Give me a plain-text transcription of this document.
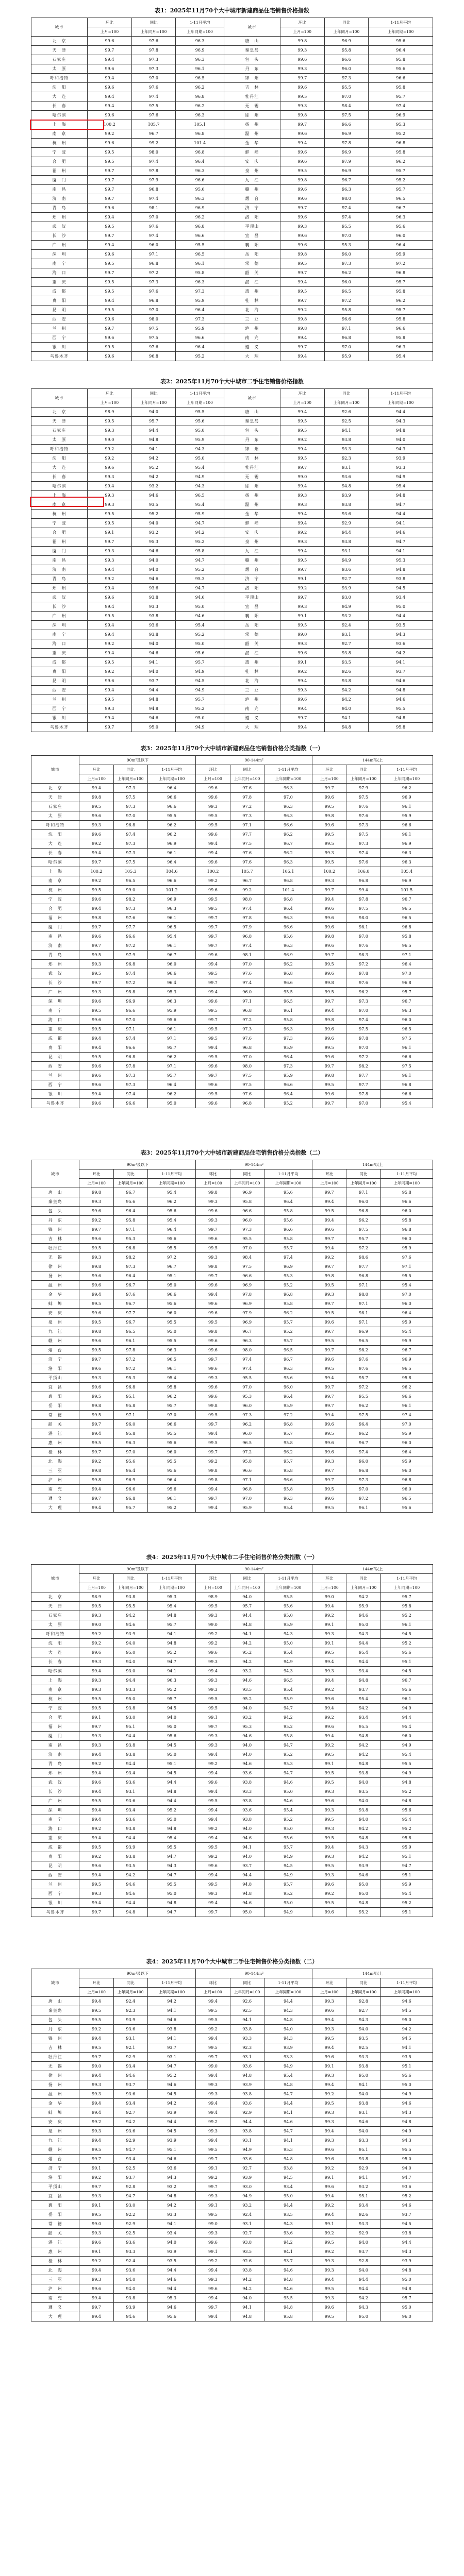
表1：2025年11月70个大中城市新建商品住宅销售价格指数
城市	环比	同比	1-11月平均	城市	环比	同比	1-11月平均
	上月=100	上年同月=100	上年同期=100		上月=100	上年同月=100	上年同期=100
北　京	99.6	97.6	96.3	唐　山	99.8	96.9	95.6
天　津	99.7	97.8	96.9	秦皇岛	99.3	95.8	96.4
石家庄	99.4	97.3	96.3	包　头	99.6	96.6	95.8
太　原	99.6	97.3	96.1	丹　东	99.3	96.0	95.6
呼和浩特	99.4	97.0	96.5	锦　州	99.7	97.3	96.6
沈　阳	99.6	97.6	96.2	吉　林	99.6	95.5	95.8
大　连	99.4	97.4	96.8	牡丹江	99.5	97.0	95.7
长　春	99.4	97.5	96.2	无　锡	99.3	98.4	97.4
哈尔滨	99.6	97.6	96.3	徐　州	99.8	97.5	96.9
上　海	100.2	105.7	105.1	扬　州	99.7	96.6	95.3
南　京	99.2	96.7	96.8	温　州	99.6	96.9	95.2
杭　州	99.6	99.2	101.4	金　华	99.4	97.8	96.8
宁　波	99.5	98.0	96.8	蚌　埠	99.6	96.9	95.8
合　肥	99.5	97.4	96.4	安　庆	99.6	97.9	96.2
福　州	99.7	97.8	96.3	泉　州	99.5	96.9	95.7
厦　门	99.7	97.9	96.6	九　江	99.8	96.7	95.2
南　昌	99.7	96.8	95.6	赣　州	99.6	96.3	95.7
济　南	99.7	97.4	96.3	烟　台	99.6	98.0	96.5
青　岛	99.6	98.1	96.9	济　宁	99.7	97.4	96.7
郑　州	99.4	97.0	96.2	洛　阳	99.6	97.4	96.3
武　汉	99.5	97.6	96.8	平顶山	99.3	95.5	95.6
长　沙	99.7	97.4	96.6	宜　昌	99.6	97.0	96.0
广　州	99.4	96.0	95.5	襄　阳	99.6	95.3	96.4
深　圳	99.6	97.1	96.5	岳　阳	99.8	96.0	95.9
南　宁	99.5	96.8	96.1	常　德	99.5	97.3	97.2
海　口	99.7	97.2	95.8	韶　关	99.7	96.2	96.8
重　庆	99.5	97.3	96.3	湛　江	99.4	96.0	95.7
成　都	99.5	97.6	97.3	惠　州	99.5	96.5	95.8
贵　阳	99.4	96.8	95.9	桂　林	99.7	97.2	96.2
昆　明	99.5	97.0	96.4	北　海	99.2	95.8	95.7
西　安	99.6	98.0	97.3	三　亚	99.8	96.6	95.8
兰　州	99.7	97.5	95.9	泸　州	99.8	97.1	96.6
西　宁	99.6	97.5	96.6	南　充	99.4	96.8	95.8
银　川	99.5	97.6	96.4	遵　义	99.7	97.0	96.3
乌鲁木齐	99.6	96.8	95.2	大　理	99.4	95.9	95.4
表2：2025年11月70个大中城市二手住宅销售价格指数
城市	环比	同比	1-11月平均	城市	环比	同比	1-11月平均
	上月=100	上年同月=100	上年同期=100		上月=100	上年同月=100	上年同期=100
北　京	98.9	94.0	95.5	唐　山	99.4	92.6	94.4
天　津	99.5	95.7	95.6	秦皇岛	99.5	92.5	94.3
石家庄	99.3	94.4	95.0	包　头	99.5	94.1	94.8
太　原	99.0	94.8	95.9	丹　东	99.2	93.8	94.0
呼和浩特	99.2	94.1	94.3	锦　州	99.4	93.3	94.3
沈　阳	99.2	94.2	95.0	吉　林	99.5	92.3	93.9
大　连	99.6	95.2	95.4	牡丹江	99.7	93.1	93.3
长　春	99.3	94.2	94.9	无　锡	99.0	93.6	94.9
哈尔滨	99.4	93.2	94.3	徐　州	99.4	94.8	95.4
上　海	99.3	94.6	96.5	扬　州	99.3	93.9	94.8
南　京	99.3	93.5	95.4	温　州	99.3	93.8	94.7
杭　州	99.5	95.2	95.9	金　华	99.4	93.6	94.4
宁　波	99.5	94.0	94.7	蚌　埠	99.4	92.9	94.1
合　肥	99.1	93.2	94.2	安　庆	99.2	94.4	94.6
福　州	99.7	95.3	95.2	泉　州	99.3	93.8	94.7
厦　门	99.3	94.6	95.8	九　江	99.4	93.1	94.1
南　昌	99.3	94.0	94.7	赣　州	99.5	94.9	95.3
济　南	99.4	94.0	95.2	烟　台	99.7	93.6	94.8
青　岛	99.2	94.6	95.3	济　宁	99.1	92.7	93.8
郑　州	99.4	93.6	94.7	洛　阳	99.2	93.9	94.5
武　汉	99.6	93.8	94.6	平顶山	99.7	93.0	93.4
长　沙	99.4	93.3	95.0	宜　昌	99.3	94.9	95.0
广　州	99.5	93.8	94.6	襄　阳	99.1	93.2	94.4
深　圳	99.4	93.6	95.4	岳　阳	99.5	92.4	93.5
南　宁	99.4	93.8	95.2	常　德	99.0	93.1	94.3
海　口	99.2	94.0	95.0	韶　关	99.3	92.7	93.6
重　庆	99.4	94.6	95.6	湛　江	99.6	93.8	94.2
成　都	99.5	94.1	95.7	惠　州	99.1	93.5	94.1
贵　阳	99.2	94.0	94.9	桂　林	99.2	92.6	93.7
昆　明	99.6	93.7	94.5	北　海	99.4	93.8	94.6
西　安	99.4	94.4	94.9	三　亚	99.3	94.2	94.8
兰　州	99.5	94.8	95.7	泸　州	99.6	94.2	94.6
西　宁	99.3	94.8	95.2	南　充	99.4	94.0	95.5
银　川	99.4	94.6	95.0	遵　义	99.7	94.1	94.8
乌鲁木齐	99.7	95.0	94.9	大　理	99.4	94.8	95.8
表3：2025年11月70个大中城市新建商品住宅销售价格分类指数（一）
城市	90m²及以下			90-144m²			144m²以上		
	环比	同比	1-11月平均	环比	同比	1-11月平均	环比	同比	1-11月平均
	上月=100	上年同月=100	上年同期=100	上月=100	上年同月=100	上年同期=100	上月=100	上年同月=100	上年同期=100
北　京	99.4	97.3	96.4	99.6	97.6	96.3	99.7	97.9	96.2
天　津	99.8	97.5	96.6	99.6	97.8	97.0	99.6	97.5	96.9
石家庄	99.5	97.3	96.6	99.3	97.2	96.3	99.5	97.6	96.1
太　原	99.6	97.0	95.5	99.5	97.3	96.3	99.8	97.6	95.9
呼和浩特	99.3	96.8	96.2	99.5	97.1	96.6	99.6	97.3	96.6
沈　阳	99.6	97.4	96.2	99.6	97.7	96.2	99.5	97.5	96.1
大　连	99.2	97.3	96.9	99.4	97.5	96.7	99.5	97.3	96.9
长　春	99.4	97.3	96.1	99.4	97.6	96.2	99.3	97.4	96.3
哈尔滨	99.7	97.5	96.4	99.6	97.6	96.3	99.5	97.6	96.3
上　海	100.2	105.3	104.6	100.2	105.7	105.1	100.2	106.0	105.4
南　京	99.2	96.5	96.6	99.2	96.7	96.8	99.3	96.8	96.9
杭　州	99.5	99.0	101.2	99.6	99.2	101.4	99.7	99.4	101.5
宁　波	99.6	98.2	96.9	99.5	98.0	96.8	99.4	97.8	96.7
合　肥	99.4	97.3	96.3	99.5	97.4	96.4	99.6	97.5	96.5
福　州	99.8	97.6	96.1	99.7	97.8	96.3	99.6	98.0	96.5
厦　门	99.7	97.7	96.5	99.7	97.9	96.6	99.6	98.1	96.8
南　昌	99.6	96.6	95.4	99.7	96.8	95.6	99.8	97.0	95.8
济　南	99.7	97.2	96.1	99.7	97.4	96.3	99.6	97.6	96.5
青　岛	99.5	97.9	96.7	99.6	98.1	96.9	99.7	98.3	97.1
郑　州	99.3	96.8	96.0	99.4	97.0	96.2	99.5	97.2	96.4
武　汉	99.5	97.4	96.6	99.5	97.6	96.8	99.6	97.8	97.0
长　沙	99.7	97.2	96.4	99.7	97.4	96.6	99.8	97.6	96.8
广　州	99.3	95.8	95.3	99.4	96.0	95.5	99.5	96.2	95.7
深　圳	99.6	96.9	96.3	99.6	97.1	96.5	99.7	97.3	96.7
南　宁	99.5	96.6	95.9	99.5	96.8	96.1	99.4	97.0	96.3
海　口	99.6	97.0	95.6	99.7	97.2	95.8	99.8	97.4	96.0
重　庆	99.5	97.1	96.1	99.5	97.3	96.3	99.6	97.5	96.5
成　都	99.4	97.4	97.1	99.5	97.6	97.3	99.6	97.8	97.5
贵　阳	99.4	96.6	95.7	99.4	96.8	95.9	99.5	97.0	96.1
昆　明	99.5	96.8	96.2	99.5	97.0	96.4	99.6	97.2	96.6
西　安	99.6	97.8	97.1	99.6	98.0	97.3	99.7	98.2	97.5
兰　州	99.6	97.3	95.7	99.7	97.5	95.9	99.8	97.7	96.1
西　宁	99.6	97.3	96.4	99.6	97.5	96.6	99.5	97.7	96.8
银　川	99.4	97.4	96.2	99.5	97.6	96.4	99.6	97.8	96.6
乌鲁木齐	99.6	96.6	95.0	99.6	96.8	95.2	99.7	97.0	95.4
表3：2025年11月70个大中城市新建商品住宅销售价格分类指数（二）
城市	90m²及以下			90-144m²			144m²以上		
	环比	同比	1-11月平均	环比	同比	1-11月平均	环比	同比	1-11月平均
	上月=100	上年同月=100	上年同期=100	上月=100	上年同月=100	上年同期=100	上月=100	上年同月=100	上年同期=100
唐　山	99.8	96.7	95.4	99.8	96.9	95.6	99.7	97.1	95.8
秦皇岛	99.3	95.6	96.2	99.3	95.8	96.4	99.4	96.0	96.6
包　头	99.6	96.4	95.6	99.6	96.6	95.8	99.5	96.8	96.0
丹　东	99.2	95.8	95.4	99.3	96.0	95.6	99.4	96.2	95.8
锦　州	99.7	97.1	96.4	99.7	97.3	96.6	99.6	97.5	96.8
吉　林	99.6	95.3	95.6	99.6	95.5	95.8	99.7	95.7	96.0
牡丹江	99.5	96.8	95.5	99.5	97.0	95.7	99.4	97.2	95.9
无　锡	99.3	98.2	97.2	99.3	98.4	97.4	99.2	98.6	97.6
徐　州	99.8	97.3	96.7	99.8	97.5	96.9	99.7	97.7	97.1
扬　州	99.6	96.4	95.1	99.7	96.6	95.3	99.8	96.8	95.5
温　州	99.6	96.7	95.0	99.6	96.9	95.2	99.5	97.1	95.4
金　华	99.4	97.6	96.6	99.4	97.8	96.8	99.3	98.0	97.0
蚌　埠	99.5	96.7	95.6	99.6	96.9	95.8	99.7	97.1	96.0
安　庆	99.6	97.7	96.0	99.6	97.9	96.2	99.5	98.1	96.4
泉　州	99.5	96.7	95.5	99.5	96.9	95.7	99.6	97.1	95.9
九　江	99.8	96.5	95.0	99.8	96.7	95.2	99.7	96.9	95.4
赣　州	99.6	96.1	95.5	99.6	96.3	95.7	99.5	96.5	95.9
烟　台	99.5	97.8	96.3	99.6	98.0	96.5	99.7	98.2	96.7
济　宁	99.7	97.2	96.5	99.7	97.4	96.7	99.6	97.6	96.9
洛　阳	99.6	97.2	96.1	99.6	97.4	96.3	99.5	97.6	96.5
平顶山	99.3	95.3	95.4	99.3	95.5	95.6	99.4	95.7	95.8
宜　昌	99.6	96.8	95.8	99.6	97.0	96.0	99.7	97.2	96.2
襄　阳	99.5	95.1	96.2	99.6	95.3	96.4	99.7	95.5	96.6
岳　阳	99.8	95.8	95.7	99.8	96.0	95.9	99.7	96.2	96.1
常　德	99.5	97.1	97.0	99.5	97.3	97.2	99.4	97.5	97.4
韶　关	99.7	96.0	96.6	99.7	96.2	96.8	99.6	96.4	97.0
湛　江	99.4	95.8	95.5	99.4	96.0	95.7	99.5	96.2	95.9
惠　州	99.5	96.3	95.6	99.5	96.5	95.8	99.6	96.7	96.0
桂　林	99.7	97.0	96.0	99.7	97.2	96.2	99.6	97.4	96.4
北　海	99.2	95.6	95.5	99.2	95.8	95.7	99.3	96.0	95.9
三　亚	99.8	96.4	95.6	99.8	96.6	95.8	99.7	96.8	96.0
泸　州	99.8	96.9	96.4	99.8	97.1	96.6	99.7	97.3	96.8
南　充	99.4	96.6	95.6	99.4	96.8	95.8	99.5	97.0	96.0
遵　义	99.7	96.8	96.1	99.7	97.0	96.3	99.6	97.2	96.5
大　理	99.4	95.7	95.2	99.4	95.9	95.4	99.5	96.1	95.6
表4：2025年11月70个大中城市二手住宅销售价格分类指数（一）
城市	90m²及以下			90-144m²			144m²以上		
	环比	同比	1-11月平均	环比	同比	1-11月平均	环比	同比	1-11月平均
	上月=100	上年同月=100	上年同期=100	上月=100	上年同月=100	上年同期=100	上月=100	上年同月=100	上年同期=100
北　京	98.9	93.8	95.3	98.9	94.0	95.5	99.0	94.2	95.7
天　津	99.5	95.5	95.4	99.5	95.7	95.6	99.4	95.9	95.8
石家庄	99.3	94.2	94.8	99.3	94.4	95.0	99.2	94.6	95.2
太　原	99.0	94.6	95.7	99.0	94.8	95.9	99.1	95.0	96.1
呼和浩特	99.2	93.9	94.1	99.2	94.1	94.3	99.3	94.3	94.5
沈　阳	99.2	94.0	94.8	99.2	94.2	95.0	99.1	94.4	95.2
大　连	99.6	95.0	95.2	99.6	95.2	95.4	99.5	95.4	95.6
长　春	99.3	94.0	94.7	99.3	94.2	94.9	99.4	94.4	95.1
哈尔滨	99.4	93.0	94.1	99.4	93.2	94.3	99.3	93.4	94.5
上　海	99.3	94.4	96.3	99.3	94.6	96.5	99.4	94.8	96.7
南　京	99.3	93.3	95.2	99.3	93.5	95.4	99.2	93.7	95.6
杭　州	99.5	95.0	95.7	99.5	95.2	95.9	99.6	95.4	96.1
宁　波	99.5	93.8	94.5	99.5	94.0	94.7	99.4	94.2	94.9
合　肥	99.1	93.0	94.0	99.1	93.2	94.2	99.2	93.4	94.4
福　州	99.7	95.1	95.0	99.7	95.3	95.2	99.6	95.5	95.4
厦　门	99.3	94.4	95.6	99.3	94.6	95.8	99.4	94.8	96.0
南　昌	99.3	93.8	94.5	99.3	94.0	94.7	99.2	94.2	94.9
济　南	99.4	93.8	95.0	99.4	94.0	95.2	99.5	94.2	95.4
青　岛	99.2	94.4	95.1	99.2	94.6	95.3	99.1	94.8	95.5
郑　州	99.4	93.4	94.5	99.4	93.6	94.7	99.5	93.8	94.9
武　汉	99.6	93.6	94.4	99.6	93.8	94.6	99.5	94.0	94.8
长　沙	99.4	93.1	94.8	99.4	93.3	95.0	99.3	93.5	95.2
广　州	99.5	93.6	94.4	99.5	93.8	94.6	99.6	94.0	94.8
深　圳	99.4	93.4	95.2	99.4	93.6	95.4	99.3	93.8	95.6
南　宁	99.4	93.6	95.0	99.4	93.8	95.2	99.5	94.0	95.4
海　口	99.2	93.8	94.8	99.2	94.0	95.0	99.3	94.2	95.2
重　庆	99.4	94.4	95.4	99.4	94.6	95.6	99.5	94.8	95.8
成　都	99.5	93.9	95.5	99.5	94.1	95.7	99.4	94.3	95.9
贵　阳	99.2	93.8	94.7	99.2	94.0	94.9	99.3	94.2	95.1
昆　明	99.6	93.5	94.3	99.6	93.7	94.5	99.5	93.9	94.7
西　安	99.4	94.2	94.7	99.4	94.4	94.9	99.3	94.6	95.1
兰　州	99.5	94.6	95.5	99.5	94.8	95.7	99.6	95.0	95.9
西　宁	99.3	94.6	95.0	99.3	94.8	95.2	99.2	95.0	95.4
银　川	99.4	94.4	94.8	99.4	94.6	95.0	99.5	94.8	95.2
乌鲁木齐	99.7	94.8	94.7	99.7	95.0	94.9	99.6	95.2	95.1
表4：2025年11月70个大中城市二手住宅销售价格分类指数（二）
城市	90m²及以下			90-144m²			144m²以上		
	环比	同比	1-11月平均	环比	同比	1-11月平均	环比	同比	1-11月平均
	上月=100	上年同月=100	上年同期=100	上月=100	上年同月=100	上年同期=100	上月=100	上年同月=100	上年同期=100
唐　山	99.4	92.4	94.2	99.4	92.6	94.4	99.3	92.8	94.6
秦皇岛	99.5	92.3	94.1	99.5	92.5	94.3	99.6	92.7	94.5
包　头	99.5	93.9	94.6	99.5	94.1	94.8	99.4	94.3	95.0
丹　东	99.2	93.6	93.8	99.2	93.8	94.0	99.3	94.0	94.2
锦　州	99.4	93.1	94.1	99.4	93.3	94.3	99.5	93.5	94.5
吉　林	99.5	92.1	93.7	99.5	92.3	93.9	99.4	92.5	94.1
牡丹江	99.7	92.9	93.1	99.7	93.1	93.3	99.6	93.3	93.5
无　锡	99.0	93.4	94.7	99.0	93.6	94.9	99.1	93.8	95.1
徐　州	99.4	94.6	95.2	99.4	94.8	95.4	99.3	95.0	95.6
扬　州	99.3	93.7	94.6	99.3	93.9	94.8	99.4	94.1	95.0
温　州	99.3	93.6	94.5	99.3	93.8	94.7	99.2	94.0	94.9
金　华	99.4	93.4	94.2	99.4	93.6	94.4	99.5	93.8	94.6
蚌　埠	99.4	92.7	93.9	99.4	92.9	94.1	99.3	93.1	94.3
安　庆	99.2	94.2	94.4	99.2	94.4	94.6	99.3	94.6	94.8
泉　州	99.3	93.6	94.5	99.3	93.8	94.7	99.4	94.0	94.9
九　江	99.4	92.9	93.9	99.4	93.1	94.1	99.3	93.3	94.3
赣　州	99.5	94.7	95.1	99.5	94.9	95.3	99.6	95.1	95.5
烟　台	99.7	93.4	94.6	99.7	93.6	94.8	99.6	93.8	95.0
济　宁	99.1	92.5	93.6	99.1	92.7	93.8	99.2	92.9	94.0
洛　阳	99.2	93.7	94.3	99.2	93.9	94.5	99.1	94.1	94.7
平顶山	99.7	92.8	93.2	99.7	93.0	93.4	99.6	93.2	93.6
宜　昌	99.3	94.7	94.8	99.3	94.9	95.0	99.4	95.1	95.2
襄　阳	99.1	93.0	94.2	99.1	93.2	94.4	99.2	93.4	94.6
岳　阳	99.5	92.2	93.3	99.5	92.4	93.5	99.4	92.6	93.7
常　德	99.0	92.9	94.1	99.0	93.1	94.3	99.1	93.3	94.5
韶　关	99.3	92.5	93.4	99.3	92.7	93.6	99.2	92.9	93.8
湛　江	99.6	93.6	94.0	99.6	93.8	94.2	99.5	94.0	94.4
惠　州	99.1	93.3	93.9	99.1	93.5	94.1	99.2	93.7	94.3
桂　林	99.2	92.4	93.5	99.2	92.6	93.7	99.3	92.8	93.9
北　海	99.4	93.6	94.4	99.4	93.8	94.6	99.3	94.0	94.8
三　亚	99.3	94.0	94.6	99.3	94.2	94.8	99.4	94.4	95.0
泸　州	99.6	94.0	94.4	99.6	94.2	94.6	99.5	94.4	94.8
南　充	99.4	93.8	95.3	99.4	94.0	95.5	99.3	94.2	95.7
遵　义	99.7	93.9	94.6	99.7	94.1	94.8	99.6	94.3	95.0
大　理	99.4	94.6	95.6	99.4	94.8	95.8	99.5	95.0	96.0
